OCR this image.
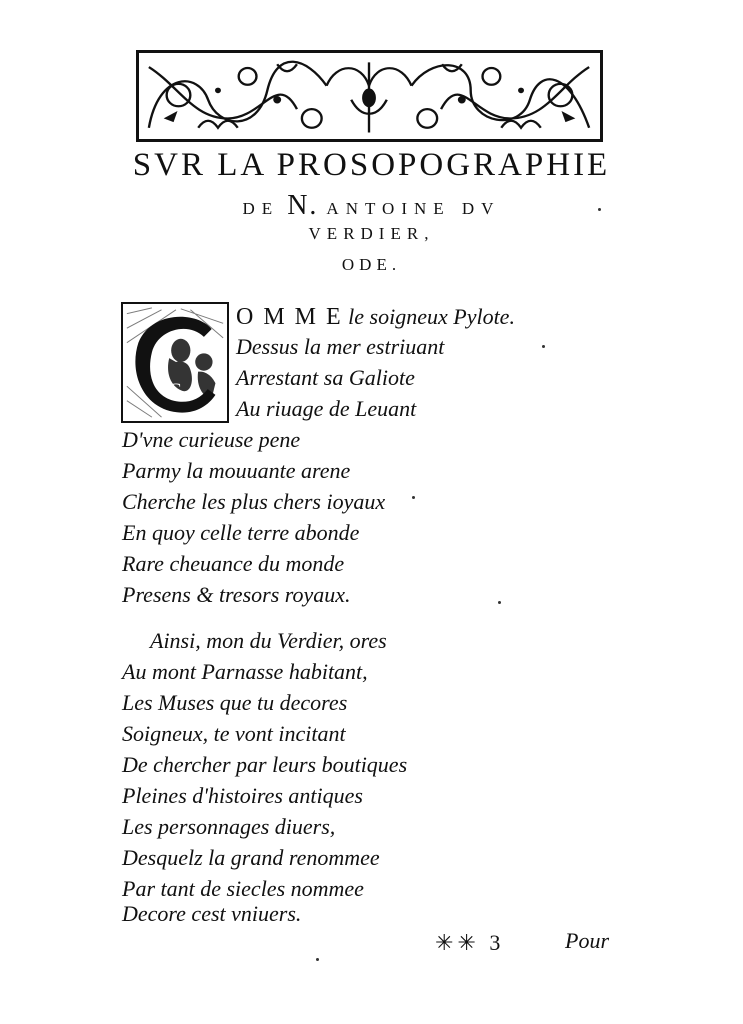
SVR LA PROSOPOGRAPHIE
DE N. ANTOINE DV
VERDIER,
ODE.
C
O M M E le soigneux Pylote.
Dessus la mer estriuant
Arrestant sa Galiote
Au riuage de Leuant
D'vne curieuse pene
Parmy la mouuante arene
Cherche les plus chers ioyaux
En quoy celle terre abonde
Rare cheuance du monde
Presens & tresors royaux.
Ainsi, mon du Verdier, ores
Au mont Parnasse habitant,
Les Muses que tu decores
Soigneux, te vont incitant
De chercher par leurs boutiques
Pleines d'histoires antiques
Les personnages diuers,
Desquelz la grand renommee
Par tant de siecles nommee
Decore cest vniuers.
✳✳ 3	Pour
